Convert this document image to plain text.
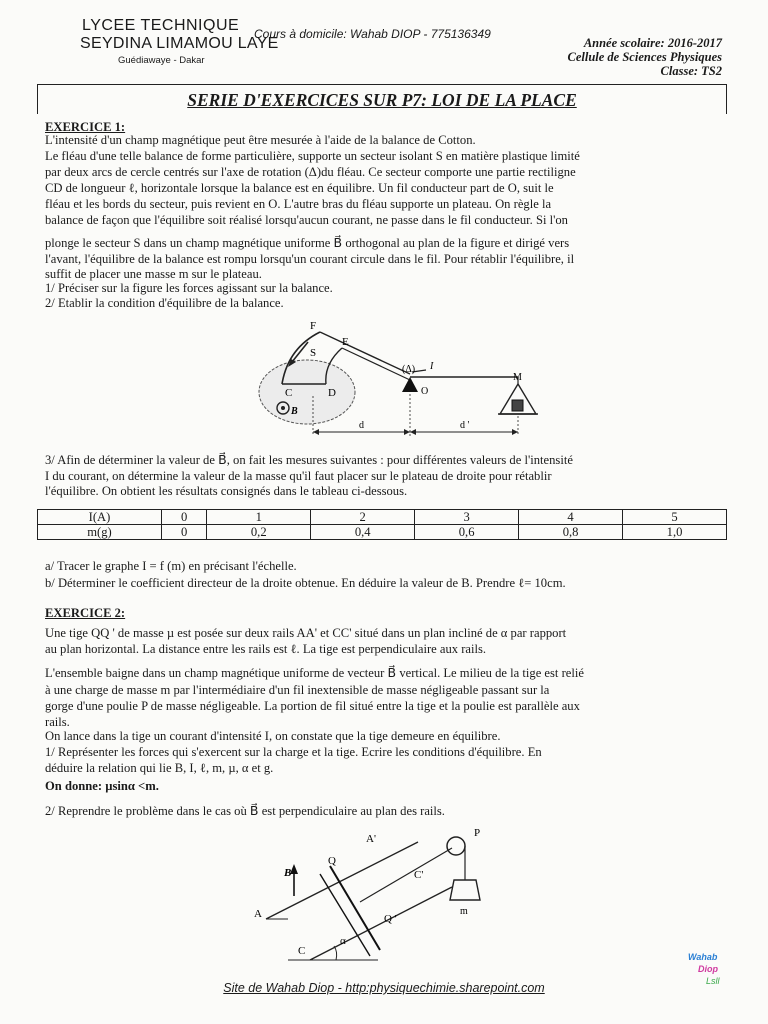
LYCEE TECHNIQUE
SEYDINA LIMAMOU LAYE
Guédiawaye - Dakar
Cours à domicile: Wahab DIOP - 775136349
Année scolaire: 2016-2017
Cellule de Sciences Physiques
Classe: TS2
SERIE D'EXERCICES SUR P7: LOI DE LA PLACE
EXERCICE 1:

L'intensité d'un champ magnétique peut être mesurée à l'aide de la balance de Cotton.

Le fléau d'une telle balance de forme particulière, supporte un secteur isolant S en matière plastique limité

par deux arcs de cercle centrés sur l'axe de rotation (Δ)du fléau. Ce secteur comporte une partie rectiligne

CD de longueur ℓ, horizontale lorsque la balance est en équilibre. Un fil conducteur part de O, suit le

fléau et les bords du secteur, puis revient en O. L'autre bras du fléau supporte un plateau. On règle la

balance de façon que l'équilibre soit réalisé lorsqu'aucun courant, ne passe dans le fil conducteur. Si l'on

plonge le secteur S dans un champ magnétique uniforme B⃗ orthogonal au plan de la figure et dirigé vers

l'avant, l'équilibre de la balance est rompu lorsqu'un courant circule dans le fil. Pour rétablir l'équilibre, il

suffit de placer une masse m sur le plateau.

1/ Préciser sur la figure les forces agissant sur la balance.

2/ Etablir la condition d'équilibre de la balance.

F
E
S
C	D
B
(Δ)
O
I
M
d	d '

3/ Afin de déterminer la valeur de B⃗, on fait les mesures suivantes : pour différentes valeurs de l'intensité

I du courant, on détermine la valeur de la masse qu'il faut placer sur le plateau de droite pour rétablir

l'équilibre. On obtient les résultats consignés dans le tableau ci-dessous.

I(A)	0	1	2	3	4	5
m(g)	0	0,2	0,4	0,6	0,8	1,0

a/ Tracer le graphe I = f (m) en précisant l'échelle.

b/ Déterminer le coefficient directeur de la droite obtenue. En déduire la valeur de B. Prendre ℓ= 10cm.

EXERCICE 2:

Une tige QQ ' de masse µ est posée sur deux rails AA' et CC' situé dans un plan incliné de α par rapport

au plan horizontal. La distance entre les rails est ℓ. La tige est perpendiculaire aux rails.

L'ensemble baigne dans un champ magnétique uniforme de vecteur B⃗ vertical. Le milieu de la tige est relié

à une charge de masse m par l'intermédiaire d'un fil inextensible de masse négligeable passant sur la

gorge d'une poulie P de masse négligeable. La portion de fil situé entre la tige et la poulie est parallèle aux

rails.

On lance dans la tige un courant d'intensité I, on constate que la tige demeure en équilibre.

1/ Représenter les forces qui s'exercent sur la charge et la tige. Ecrire les conditions d'équilibre. En

déduire la relation qui lie B, I, ℓ, m, µ, α et g.

On donne: µsinα <m.

2/ Reprendre le problème dans le cas où B⃗ est perpendiculaire au plan des rails.

A'
Q
P
B	C'
A	Q '
m
C
α
Site de Wahab Diop - http:physiquechimie.sharepoint.com
Wahab
Diop
Lsll
